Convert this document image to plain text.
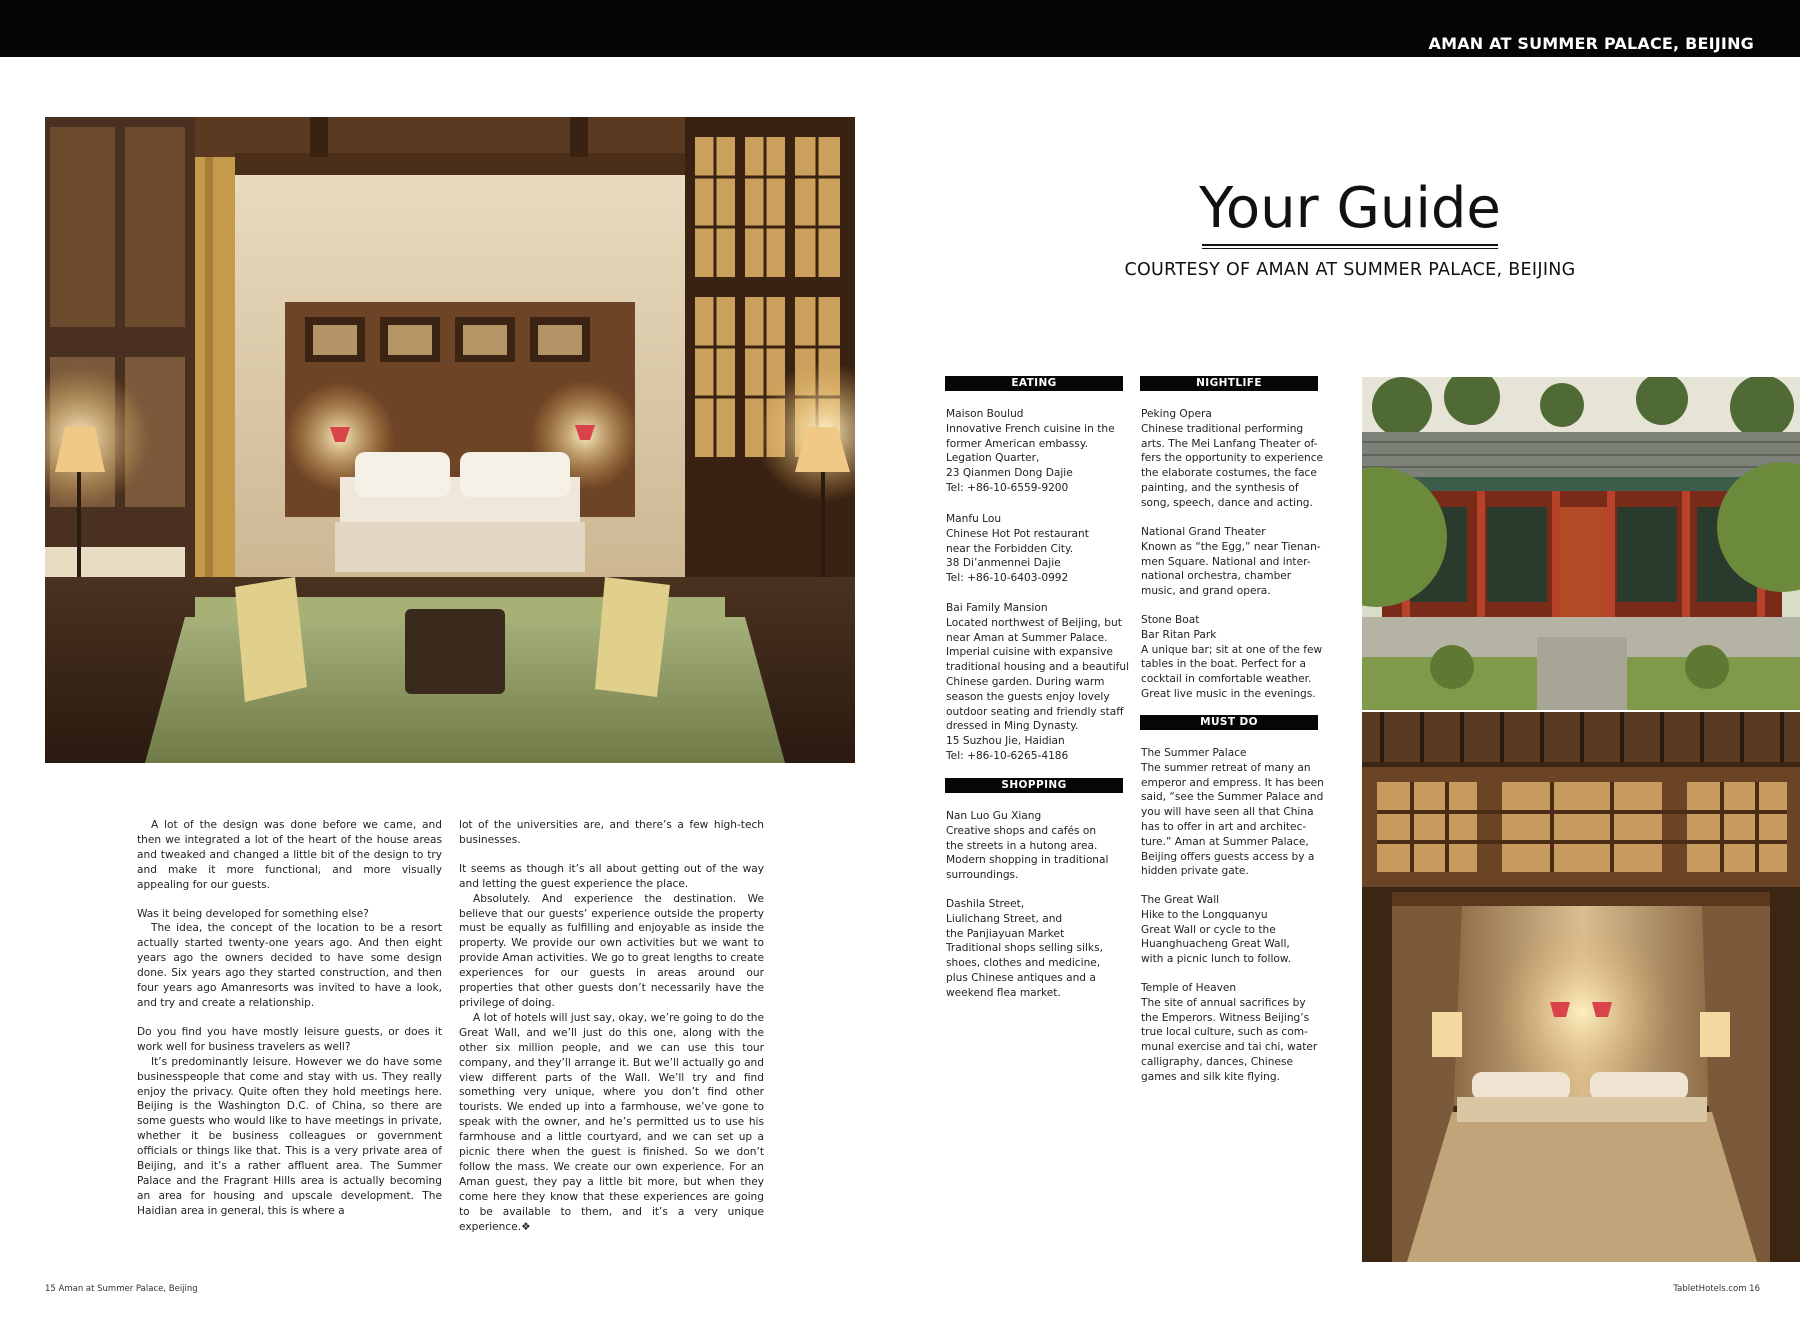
AMAN AT SUMMER PALACE, BEIJING

A lot of the design was done before we came, and then we integrated a lot of the heart of the house areas and tweaked and changed a little bit of the design to try and make it more functional, and more visually appealing for our guests.

Was it being developed for something else?

The idea, the concept of the location to be a resort actually started twenty-one years ago. And then eight years ago the owners decided to have some design done. Six years ago they started construction, and then four years ago Amanresorts was invited to have a look, and try and create a relationship.

Do you find you have mostly leisure guests, or does it work well for business travelers as well?

It’s predominantly leisure. However we do have some businesspeople that come and stay with us. They really enjoy the privacy. Quite often they hold meetings here. Beijing is the Washington D.C. of China, so there are some guests who would like to have meetings in private, whether it be business colleagues or government officials or things like that. This is a very private area of Beijing, and it’s a rather affluent area. The Summer Palace and the Fragrant Hills area is actually becoming an area for housing and upscale development. The Haidian area in general, this is where a

lot of the universities are, and there’s a few high-tech businesses.

It seems as though it’s all about getting out of the way and letting the guest experience the place.

Absolutely. And experience the destination. We believe that our guests’ experience outside the property must be equally as fulfilling and enjoyable as inside the property. We provide our own activities but we want to provide Aman activities. We go to great lengths to create experiences for our guests in areas around our properties that other guests don’t necessarily have the privilege of doing.

A lot of hotels will just say, okay, we’re going to do the Great Wall, and we’ll just do this one, along with the other six million people, and we can use this tour company, and they’ll arrange it. But we’ll actually go and view different parts of the Wall. We’ll try and find something very unique, where you don’t find other tourists. We ended up into a farmhouse, we’ve gone to speak with the owner, and he’s permitted us to use his farmhouse and a little courtyard, and we can set up a picnic there when the guest is finished. So we don’t follow the mass. We create our own experience. For an Aman guest, they pay a little bit more, but when they come here they know that these experiences are going to be available to them, and it’s a very unique experience.❖

Your Guide
COURTESY OF AMAN AT SUMMER PALACE, BEIJING
EATING
Maison Boulud
Innovative French cuisine in the
former American embassy.
Legation Quarter,
23 Qianmen Dong Dajie
Tel: +86-10-6559-9200
Manfu Lou
Chinese Hot Pot restaurant
near the Forbidden City.
38 Di’anmennei Dajie
Tel: +86-10-6403-0992
Bai Family Mansion
Located northwest of Beijing, but
near Aman at Summer Palace.
Imperial cuisine with expansive
traditional housing and a beautiful
Chinese garden. During warm
season the guests enjoy lovely
outdoor seating and friendly staff
dressed in Ming Dynasty.
15 Suzhou Jie, Haidian
Tel: +86-10-6265-4186
SHOPPING
Nan Luo Gu Xiang
Creative shops and cafés on
the streets in a hutong area.
Modern shopping in traditional
surroundings.
Dashila Street,
Liulichang Street, and
the Panjiayuan Market
Traditional shops selling silks,
shoes, clothes and medicine,
plus Chinese antiques and a
weekend flea market.
NIGHTLIFE
Peking Opera
Chinese traditional performing
arts. The Mei Lanfang Theater of-
fers the opportunity to experience
the elaborate costumes, the face
painting, and the synthesis of
song, speech, dance and acting.
National Grand Theater
Known as “the Egg,” near Tienan-
men Square. National and inter-
national orchestra, chamber
music, and grand opera.
Stone Boat
Bar Ritan Park
A unique bar; sit at one of the few
tables in the boat. Perfect for a
cocktail in comfortable weather.
Great live music in the evenings.
MUST DO
The Summer Palace
The summer retreat of many an
emperor and empress. It has been
said, “see the Summer Palace and
you will have seen all that China
has to offer in art and architec-
ture.” Aman at Summer Palace,
Beijing offers guests access by a
hidden private gate.
The Great Wall
Hike to the Longquanyu
Great Wall or cycle to the
Huanghuacheng Great Wall,
with a picnic lunch to follow.
Temple of Heaven
The site of annual sacrifices by
the Emperors. Witness Beijing’s
true local culture, such as com-
munal exercise and tai chi, water
calligraphy, dances, Chinese
games and silk kite flying.
15 Aman at Summer Palace, Beijing	TabletHotels.com 16
